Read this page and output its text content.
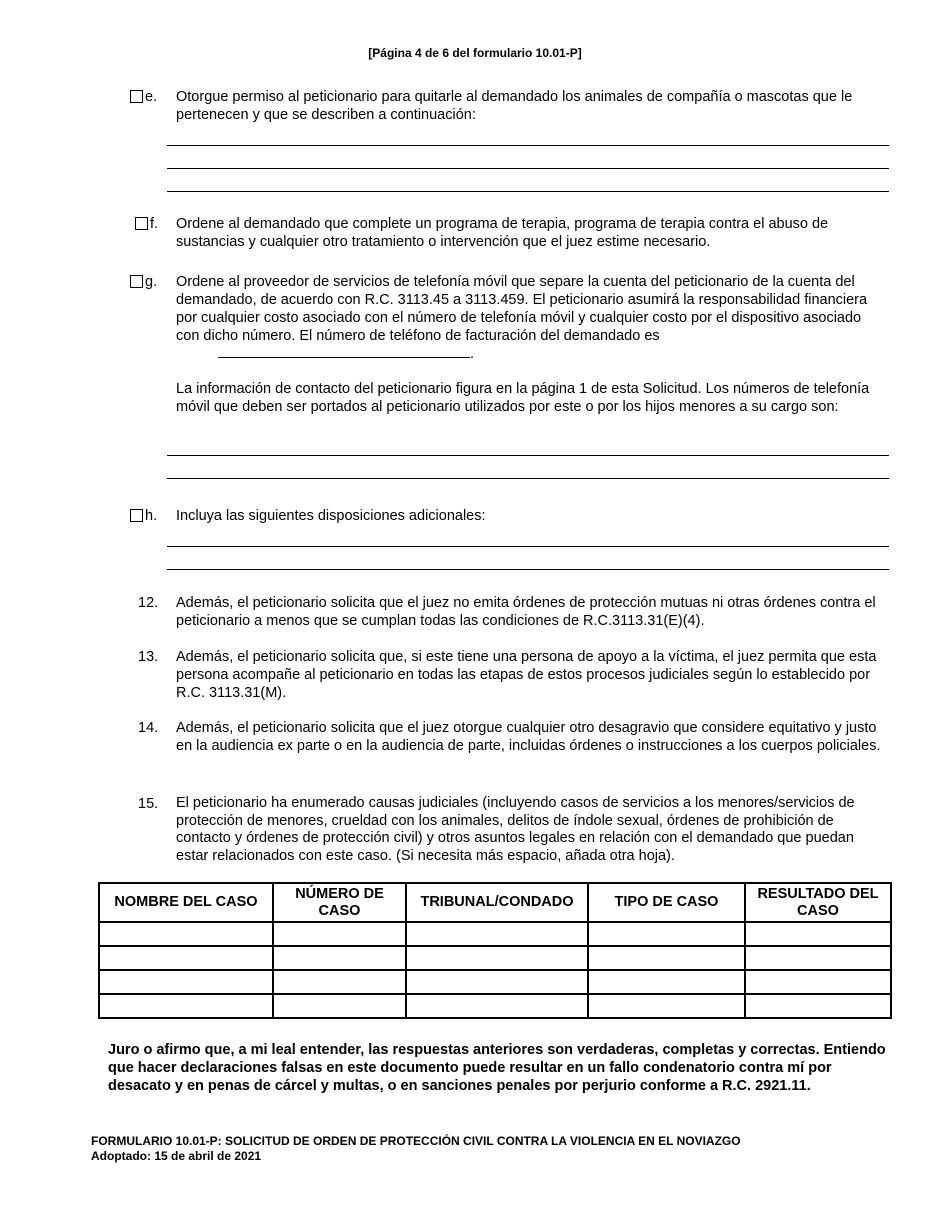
[Página 4 de 6 del formulario 10.01-P]
e. Otorgue permiso al peticionario para quitarle al demandado los animales de compañía o mascotas que le pertenecen y que se describen a continuación:
f. Ordene al demandado que complete un programa de terapia, programa de terapia contra el abuso de sustancias y cualquier otro tratamiento o intervención que el juez estime necesario.
g. Ordene al proveedor de servicios de telefonía móvil que separe la cuenta del peticionario de la cuenta del demandado, de acuerdo con R.C. 3113.45 a 3113.459. El peticionario asumirá la responsabilidad financiera por cualquier costo asociado con el número de telefonía móvil y cualquier costo por el dispositivo asociado con dicho número. El número de teléfono de facturación del demandado es
.
La información de contacto del peticionario figura en la página 1 de esta Solicitud. Los números de telefonía móvil que deben ser portados al peticionario utilizados por este o por los hijos menores a su cargo son:
h. Incluya las siguientes disposiciones adicionales:
12. Además, el peticionario solicita que el juez no emita órdenes de protección mutuas ni otras órdenes contra el peticionario a menos que se cumplan todas las condiciones de R.C.3113.31(E)(4).
13. Además, el peticionario solicita que, si este tiene una persona de apoyo a la víctima, el juez permita que esta persona acompañe al peticionario en todas las etapas de estos procesos judiciales según lo establecido por R.C. 3113.31(M).
14. Además, el peticionario solicita que el juez otorgue cualquier otro desagravio que considere equitativo y justo en la audiencia ex parte o en la audiencia de parte, incluidas órdenes o instrucciones a los cuerpos policiales.
15. El peticionario ha enumerado causas judiciales (incluyendo casos de servicios a los menores/servicios de protección de menores, crueldad con los animales, delitos de índole sexual, órdenes de prohibición de contacto y órdenes de protección civil) y otros asuntos legales en relación con el demandado que puedan estar relacionados con este caso. (Si necesita más espacio, añada otra hoja).
NOMBRE DEL CASO	NÚMERO DE CASO	TRIBUNAL/CONDADO	TIPO DE CASO	RESULTADO DEL CASO

Juro o afirmo que, a mi leal entender, las respuestas anteriores son verdaderas, completas y correctas. Entiendo que hacer declaraciones falsas en este documento puede resultar en un fallo condenatorio contra mí por desacato y en penas de cárcel y multas, o en sanciones penales por perjurio conforme a R.C. 2921.11.
FORMULARIO 10.01-P: SOLICITUD DE ORDEN DE PROTECCIÓN CIVIL CONTRA LA VIOLENCIA EN EL NOVIAZGO
Adoptado: 15 de abril de 2021
